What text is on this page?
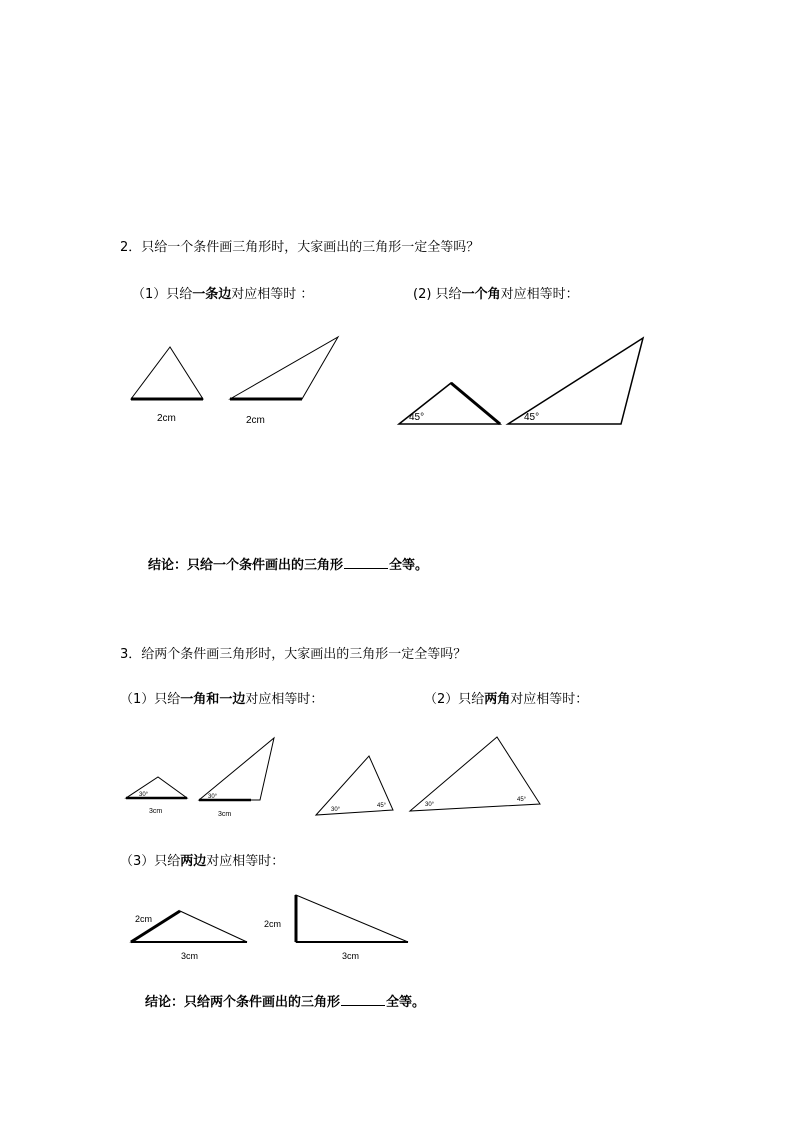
2．只给一个条件画三角形时，大家画出的三角形一定全等吗？
（1）只给一条边对应相等时 ：	(2) 只给一个角对应相等时：
2cm	2cm	45°	45°
30°	30°
3cm	3cm
30°
45°	30°
45°
2cm
3cm
2cm
3cm
结论：只给一个条件画出的三角形	全等。
3．给两个条件画三角形时，大家画出的三角形一定全等吗？
（1）只给一角和一边对应相等时：	（2）只给两角对应相等时：
（3）只给两边对应相等时：
结论：只给两个条件画出的三角形	全等。
